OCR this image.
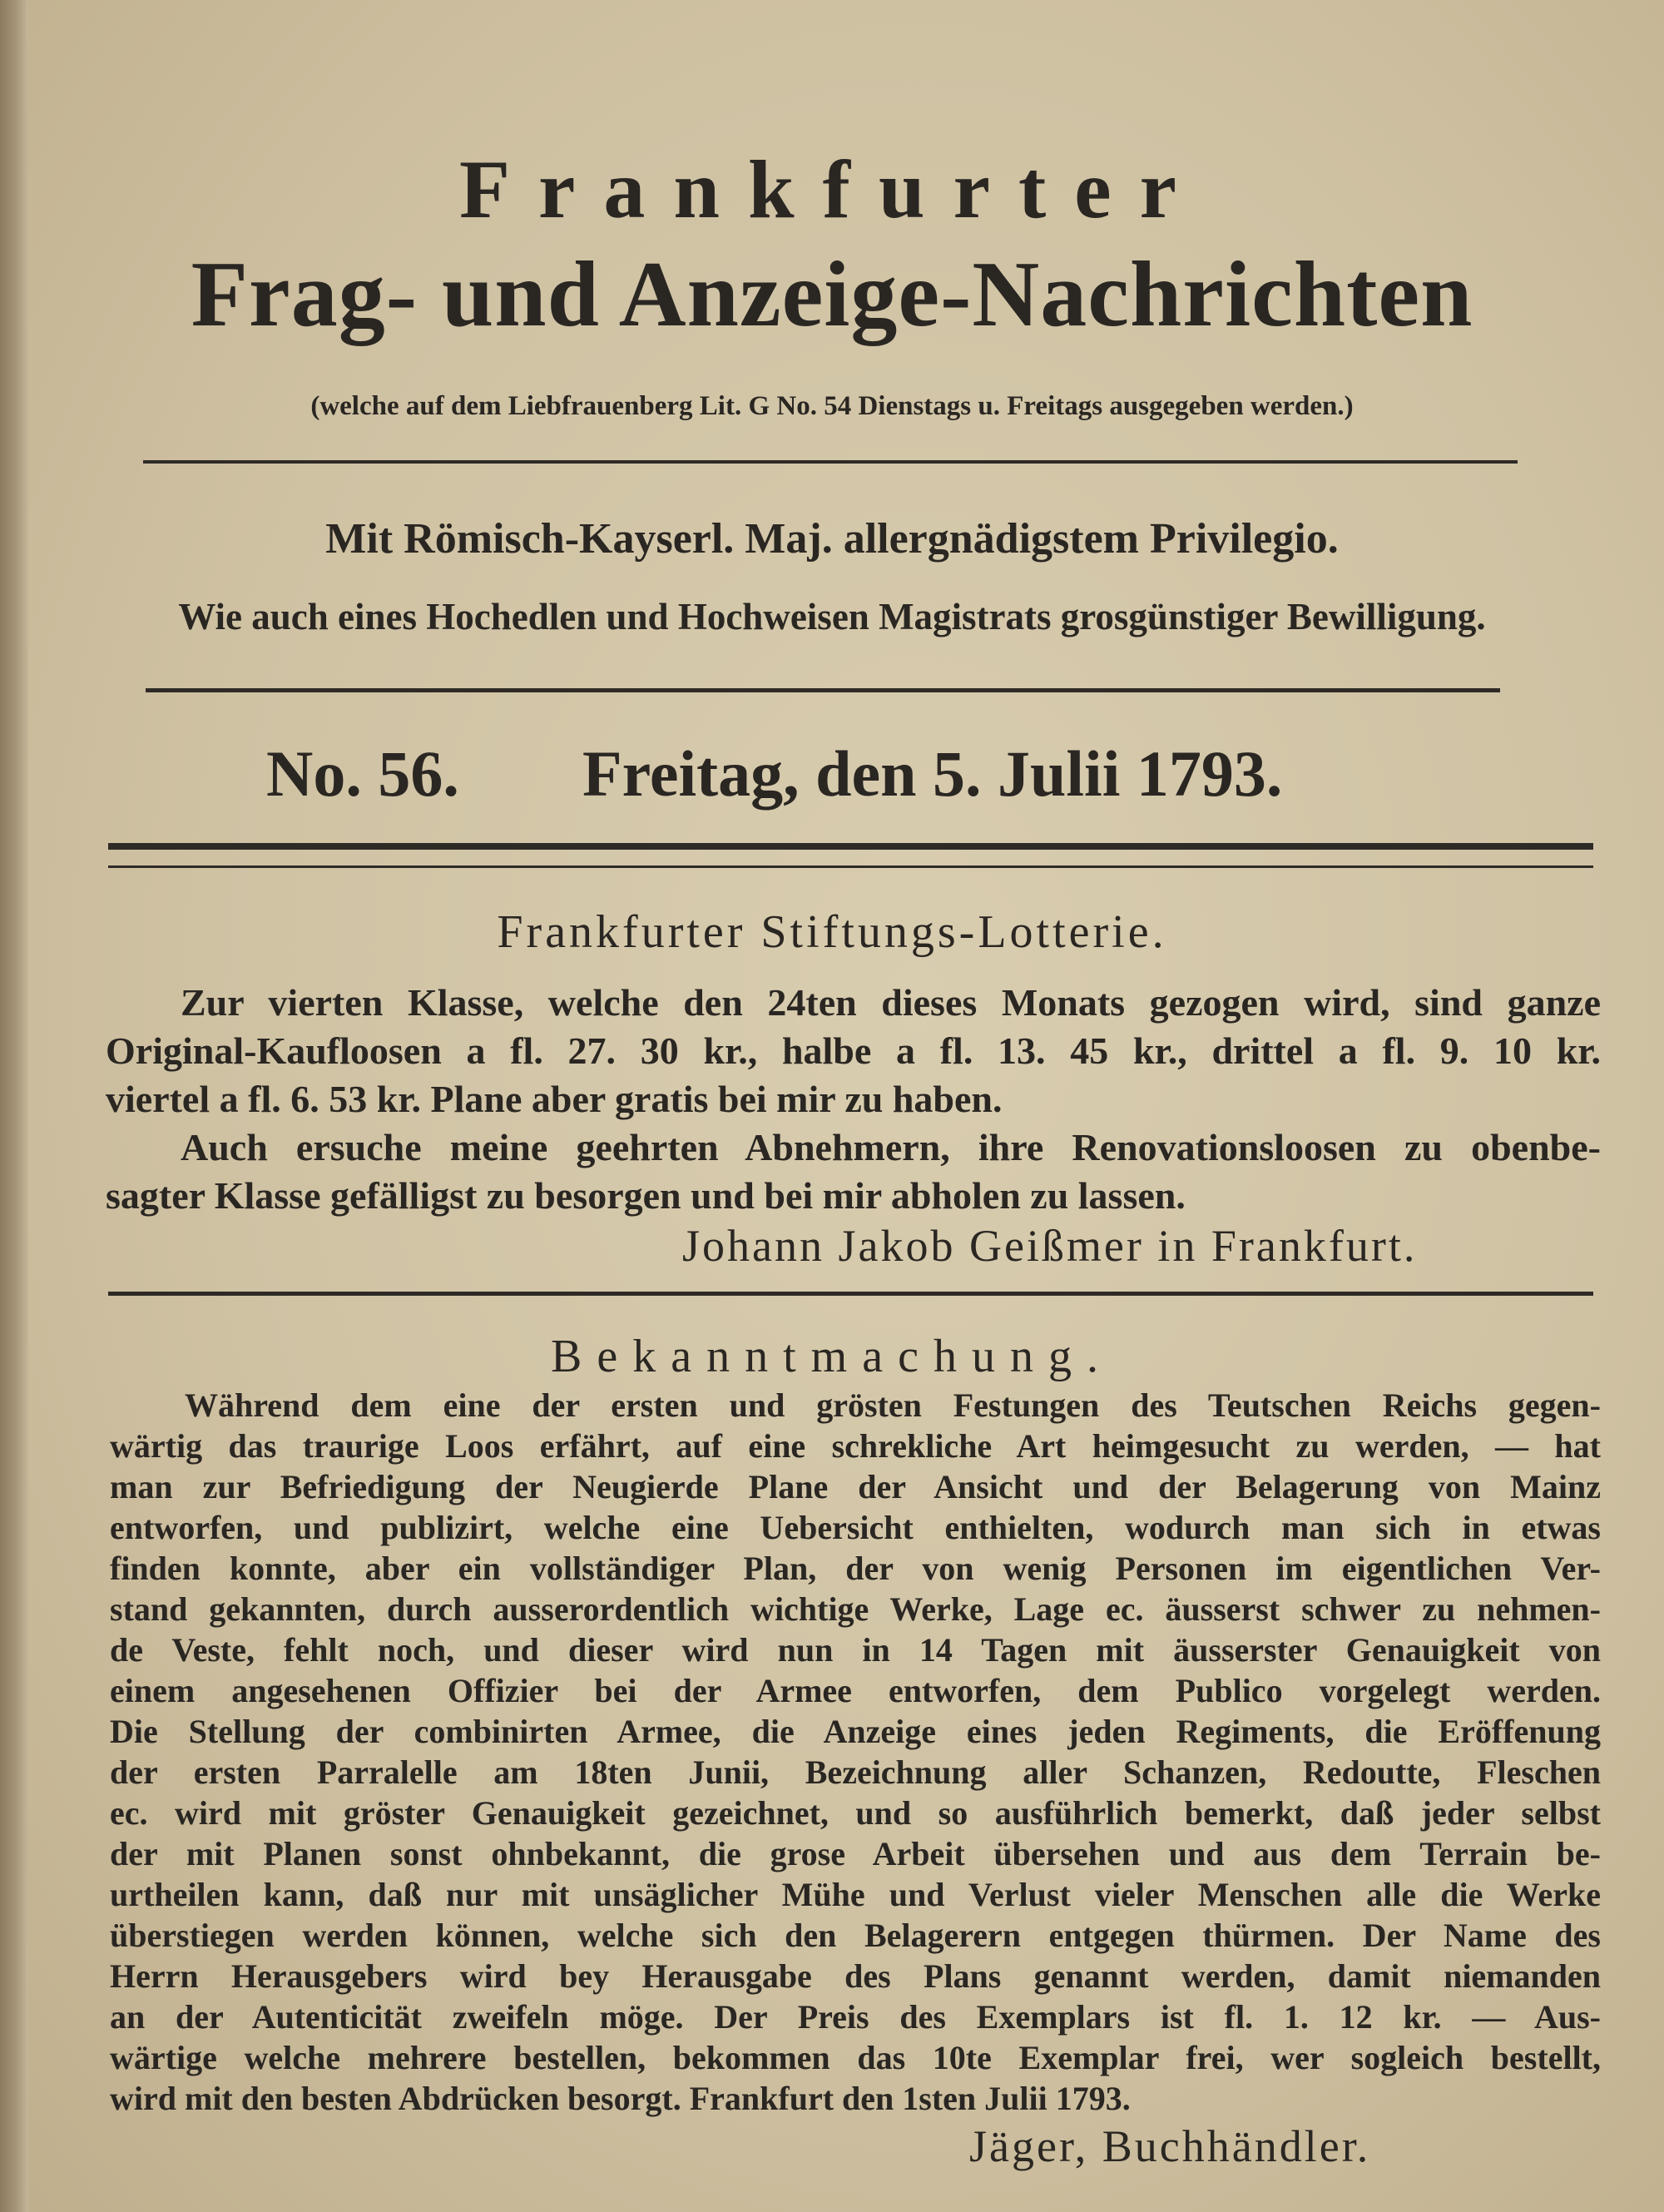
Frankfurter
Frag- und Anzeige-Nachrichten
(welche auf dem Liebfrauenberg Lit. G No. 54 Dienstags u. Freitags ausgegeben werden.)
Mit Römisch-Kayserl. Maj. allergnädigstem Privilegio.
Wie auch eines Hochedlen und Hochweisen Magistrats grosgünstiger Bewilligung.
No. 56. Freitag, den 5. Julii 1793.
Frankfurter Stiftungs-Lotterie.
Zur vierten Klasse, welche den 24ten dieses Monats gezogen wird, sind ganze
Original-Kaufloosen a fl. 27. 30 kr., halbe a fl. 13. 45 kr., drittel a fl. 9. 10 kr.
viertel a fl. 6. 53 kr. Plane aber gratis bei mir zu haben.
Auch ersuche meine geehrten Abnehmern, ihre Renovationsloosen zu obenbe-
sagter Klasse gefälligst zu besorgen und bei mir abholen zu lassen.
Johann Jakob Geißmer in Frankfurt.
Bekanntmachung.
Während dem eine der ersten und grösten Festungen des Teutschen Reichs gegen-
wärtig das traurige Loos erfährt, auf eine schrekliche Art heimgesucht zu werden, — hat
man zur Befriedigung der Neugierde Plane der Ansicht und der Belagerung von Mainz
entworfen, und publizirt, welche eine Uebersicht enthielten, wodurch man sich in etwas
finden konnte, aber ein vollständiger Plan, der von wenig Personen im eigentlichen Ver-
stand gekannten, durch ausserordentlich wichtige Werke, Lage ec. äusserst schwer zu nehmen-
de Veste, fehlt noch, und dieser wird nun in 14 Tagen mit äusserster Genauigkeit von
einem angesehenen Offizier bei der Armee entworfen, dem Publico vorgelegt werden.
Die Stellung der combinirten Armee, die Anzeige eines jeden Regiments, die Eröffenung
der ersten Parralelle am 18ten Junii, Bezeichnung aller Schanzen, Redoutte, Fleschen
ec. wird mit gröster Genauigkeit gezeichnet, und so ausführlich bemerkt, daß jeder selbst
der mit Planen sonst ohnbekannt, die grose Arbeit übersehen und aus dem Terrain be-
urtheilen kann, daß nur mit unsäglicher Mühe und Verlust vieler Menschen alle die Werke
überstiegen werden können, welche sich den Belagerern entgegen thürmen. Der Name des
Herrn Herausgebers wird bey Herausgabe des Plans genannt werden, damit niemanden
an der Autenticität zweifeln möge. Der Preis des Exemplars ist fl. 1. 12 kr. — Aus-
wärtige welche mehrere bestellen, bekommen das 10te Exemplar frei, wer sogleich bestellt,
wird mit den besten Abdrücken besorgt. Frankfurt den 1sten Julii 1793.
Jäger, Buchhändler.
